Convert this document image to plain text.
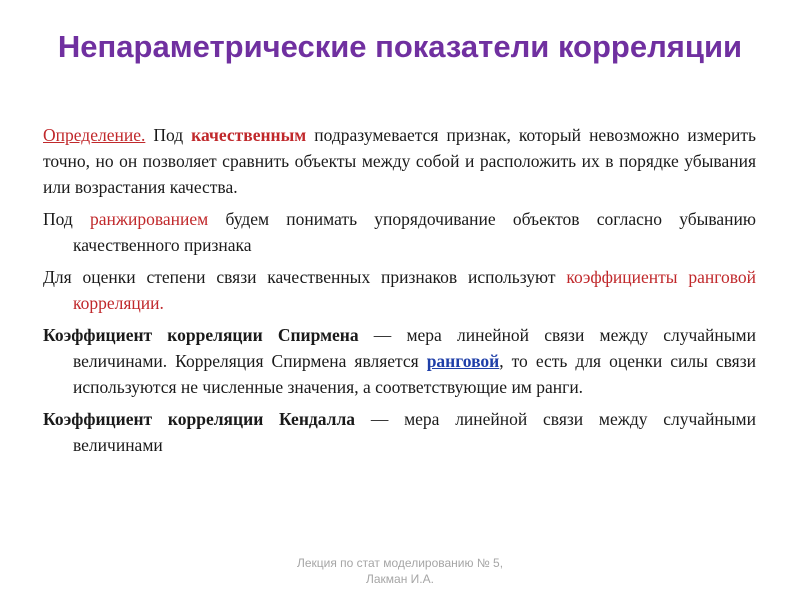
Непараметрические показатели корреляции

Определение. Под качественным подразумевается признак, который невозможно измерить точно, но он позволяет сравнить объекты между собой и расположить их в порядке убывания или возрастания качества.

Под ранжированием будем понимать упорядочивание объектов согласно убыванию качественного признака

Для оценки степени связи качественных признаков используют коэффициенты ранговой корреляции.

Коэффициент корреляции Спирмена — мера линейной связи между случайными величинами. Корреляция Спирмена является ранговой, то есть для оценки силы связи используются не численные значения, а соответствующие им ранги.

Коэффициент корреляции Кендалла — мера линейной связи между случайными величинами

Лекция по стат моделированию № 5,
Лакман И.А.
